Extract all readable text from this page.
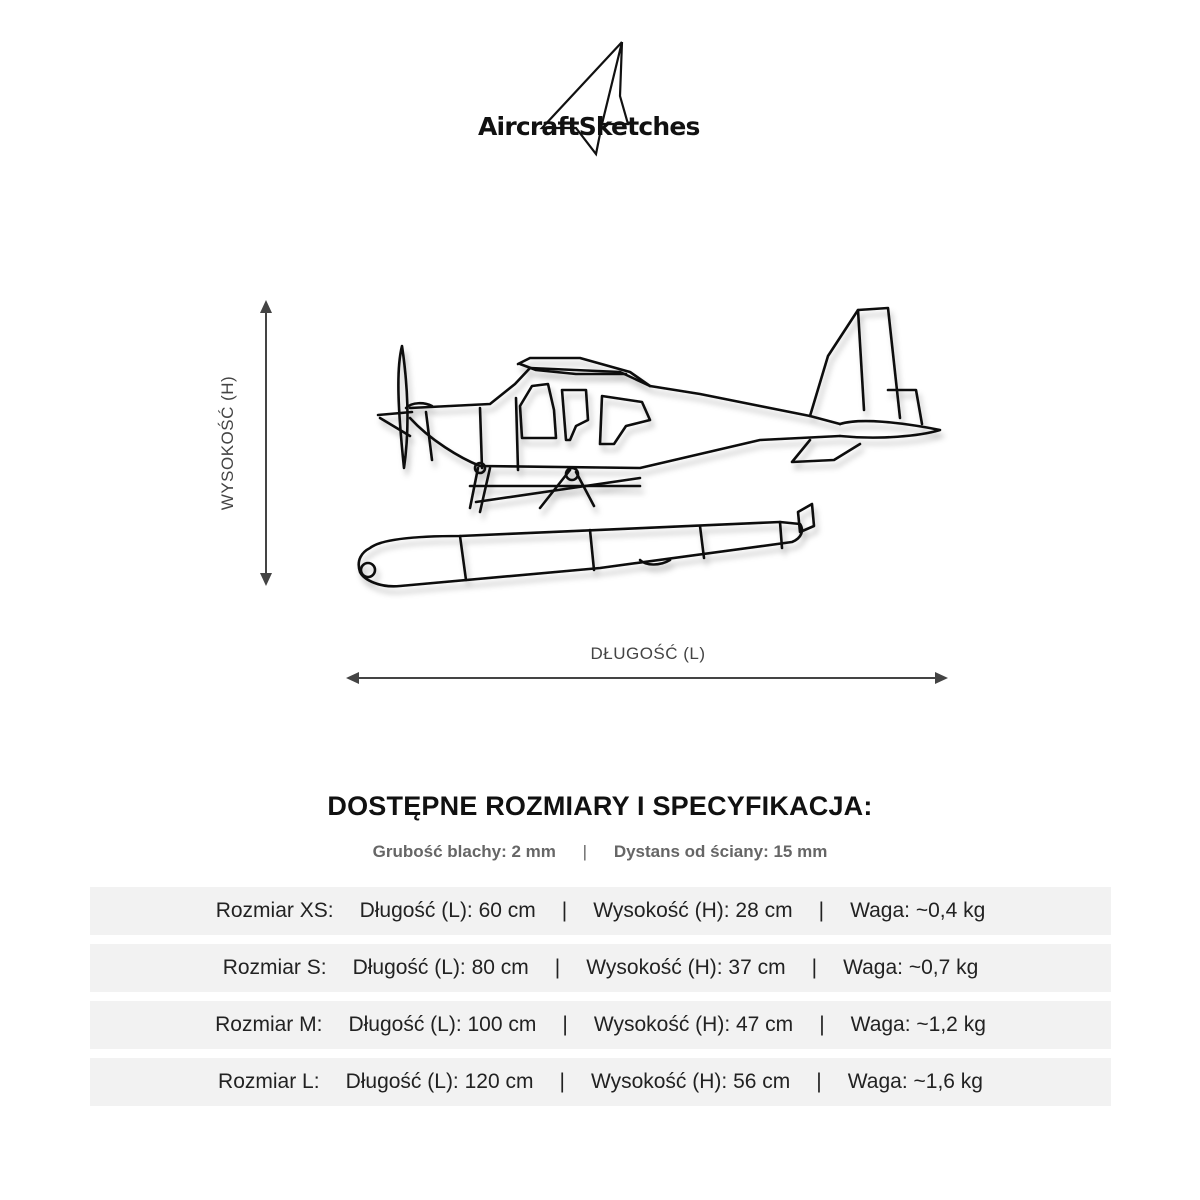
AircraftSketches
WYSOKOŚĆ (H)
DŁUGOŚĆ (L)
DOSTĘPNE ROZMIARY I SPECYFIKACJA:
Grubość blachy: 2 mm | Dystans od ściany: 15 mm
Rozmiar XS: Długość (L): 60 cm | Wysokość (H): 28 cm | Waga: ~0,4 kg
Rozmiar S: Długość (L): 80 cm | Wysokość (H): 37 cm | Waga: ~0,7 kg
Rozmiar M: Długość (L): 100 cm | Wysokość (H): 47 cm | Waga: ~1,2 kg
Rozmiar L: Długość (L): 120 cm | Wysokość (H): 56 cm | Waga: ~1,6 kg
